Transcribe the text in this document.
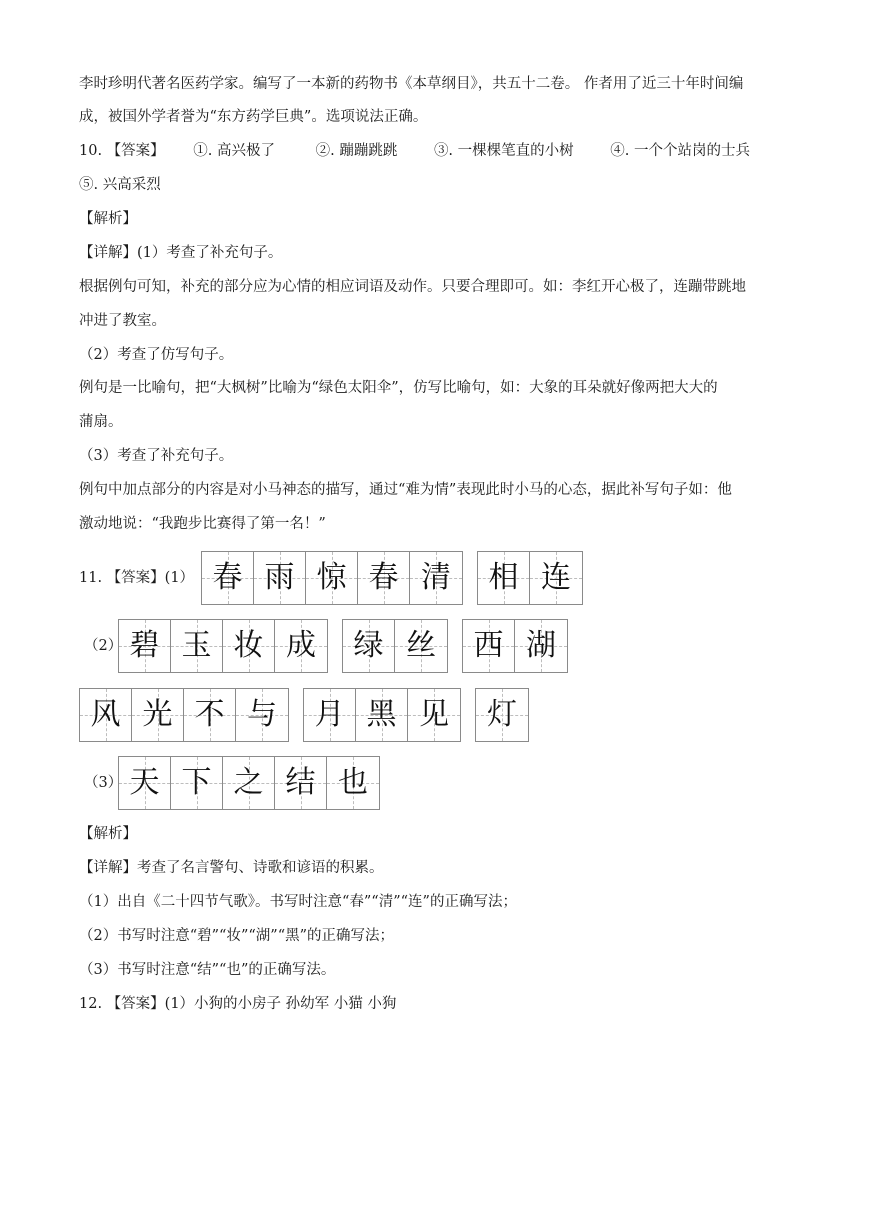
李时珍明代著名医药学家。编写了一本新的药物书《本草纲目》，共五十二卷。 作者用了近三十年时间编
成，被国外学者誉为“东方药学巨典”。选项说法正确。
10. 【答案】 ①. 高兴极了	②. 蹦蹦跳跳	③. 一棵棵笔直的小树	④. 一个个站岗的士兵
⑤. 兴高采烈
【解析】
【详解】(1）考查了补充句子。
根据例句可知，补充的部分应为心情的相应词语及动作。只要合理即可。如：李红开心极了，连蹦带跳地
冲进了教室。
（2）考查了仿写句子。
例句是一比喻句，把“大枫树”比喻为“绿色太阳伞”，仿写比喻句，如：大象的耳朵就好像两把大大的
蒲扇。
（3）考查了补充句子。
例句中加点部分的内容是对小马神态的描写，通过“难为情”表现此时小马的心态，据此补写句子如：他
激动地说：“我跑步比赛得了第一名！”
11. 【答案】(1） 春 雨 惊 春 清 相 连
（2） 碧 玉 妆 成 绿 丝 西 湖
风 光 不 与 月 黑 见 灯
（3） 天 下 之 结 也
【解析】
【详解】考查了名言警句、诗歌和谚语的积累。
（1）出自《二十四节气歌》。书写时注意“春”“清”“连”的正确写法；
（2）书写时注意“碧”“妆”“湖”“黑”的正确写法；
（3）书写时注意“结”“也”的正确写法。
12. 【答案】(1）小狗的小房子 孙幼军 小猫 小狗
